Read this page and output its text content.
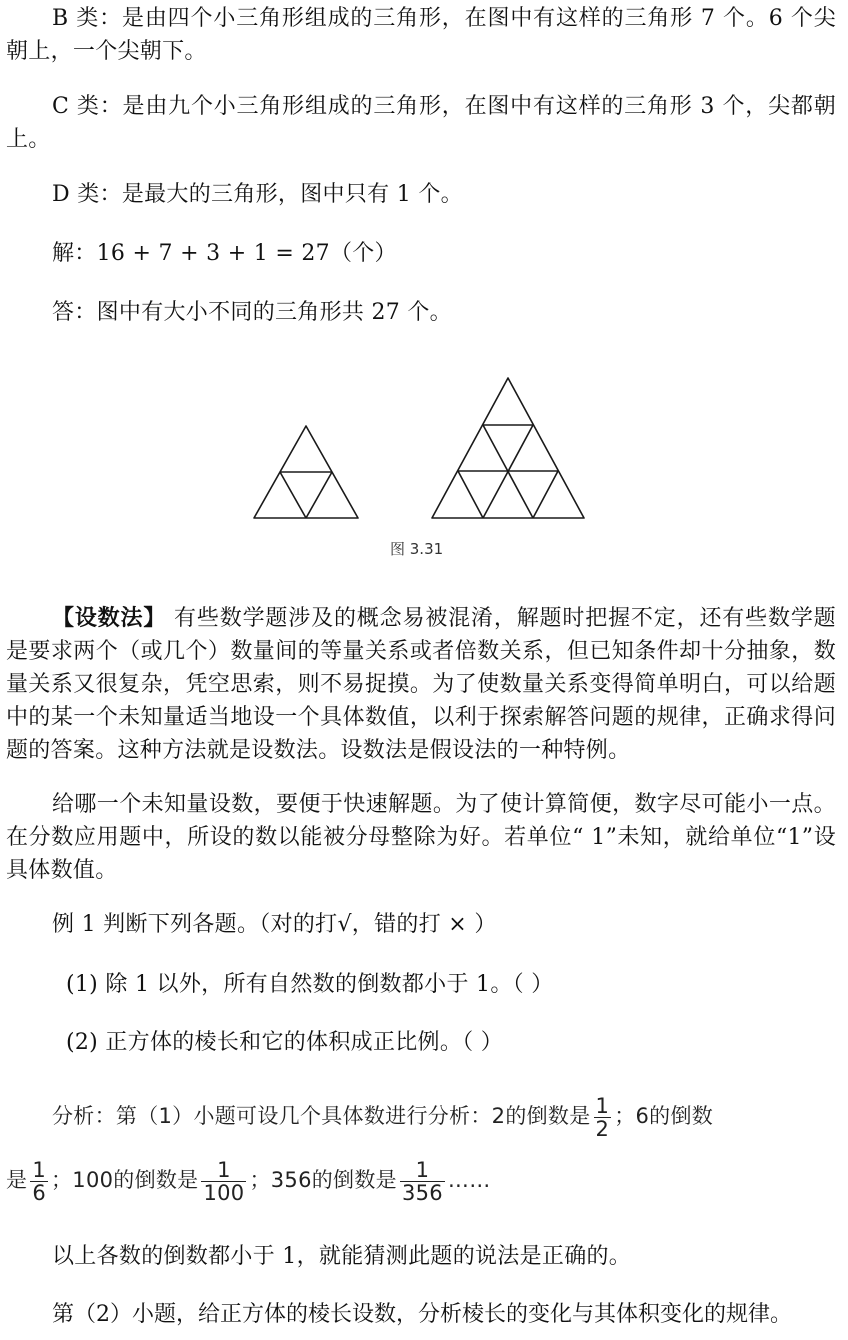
B 类：是由四个小三角形组成的三角形，在图中有这样的三角形 7 个。6 个尖朝上，一个尖朝下。

C 类：是由九个小三角形组成的三角形，在图中有这样的三角形 3 个，尖都朝上。

D 类：是最大的三角形，图中只有 1 个。

解：16 + 7 + 3 + 1 = 27（个）

答：图中有大小不同的三角形共 27 个。

图 3.31

【设数法】 有些数学题涉及的概念易被混淆，解题时把握不定，还有些数学题是要求两个（或几个）数量间的等量关系或者倍数关系，但已知条件却十分抽象，数量关系又很复杂，凭空思索，则不易捉摸。为了使数量关系变得简单明白，可以给题中的某一个未知量适当地设一个具体数值，以利于探索解答问题的规律，正确求得问题的答案。这种方法就是设数法。设数法是假设法的一种特例。

给哪一个未知量设数，要便于快速解题。为了使计算简便，数字尽可能小一点。在分数应用题中，所设的数以能被分母整除为好。若单位“ 1”未知，就给单位“1”设具体数值。

例 1 判断下列各题。（对的打√，错的打 × ）

(1) 除 1 以外，所有自然数的倒数都小于 1。（ ）

(2) 正方体的棱长和它的体积成正比例。（ ）

分析：第（1）小题可设几个具体数进行分析：2的倒数是 $\frac{1}{2}$ ；6的倒数

是 $\frac{1}{6}$ ；100的倒数是 $\frac{1}{100}$ ；356的倒数是 $\frac{1}{356}$ ……

以上各数的倒数都小于 1，就能猜测此题的说法是正确的。

第（2）小题，给正方体的棱长设数，分析棱长的变化与其体积变化的规律。
